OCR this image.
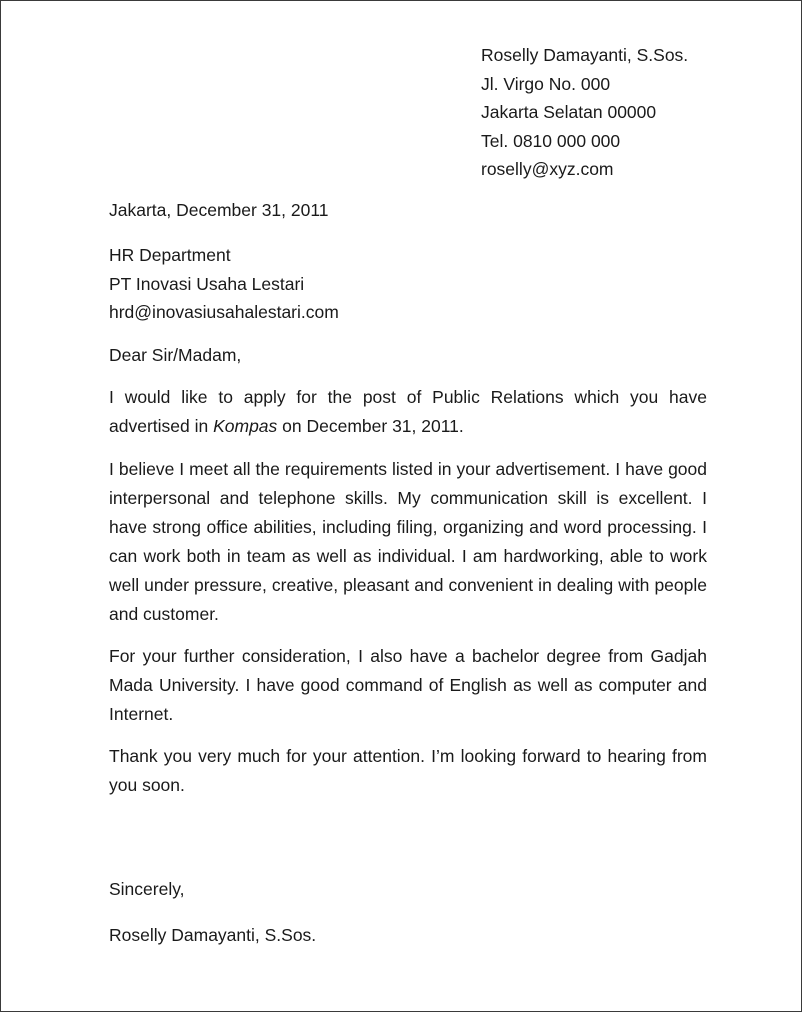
Roselly Damayanti, S.Sos.
Jl. Virgo No. 000
Jakarta Selatan 00000
Tel. 0810 000 000
roselly@xyz.com
Jakarta, December 31, 2011
HR Department
PT Inovasi Usaha Lestari
hrd@inovasiusahalestari.com
Dear Sir/Madam,

I would like to apply for the post of Public Relations which you have advertised in Kompas on December 31, 2011.

I believe I meet all the requirements listed in your advertisement. I have good interpersonal and telephone skills. My communication skill is excellent. I have strong office abilities, including filing, organizing and word processing. I can work both in team as well as individual. I am hardworking, able to work well under pressure, creative, pleasant and convenient in dealing with people and customer.

For your further consideration, I also have a bachelor degree from Gadjah Mada University. I have good command of English as well as computer and Internet.

Thank you very much for your attention. I’m looking forward to hearing from you soon.

Sincerely,
Roselly Damayanti, S.Sos.
